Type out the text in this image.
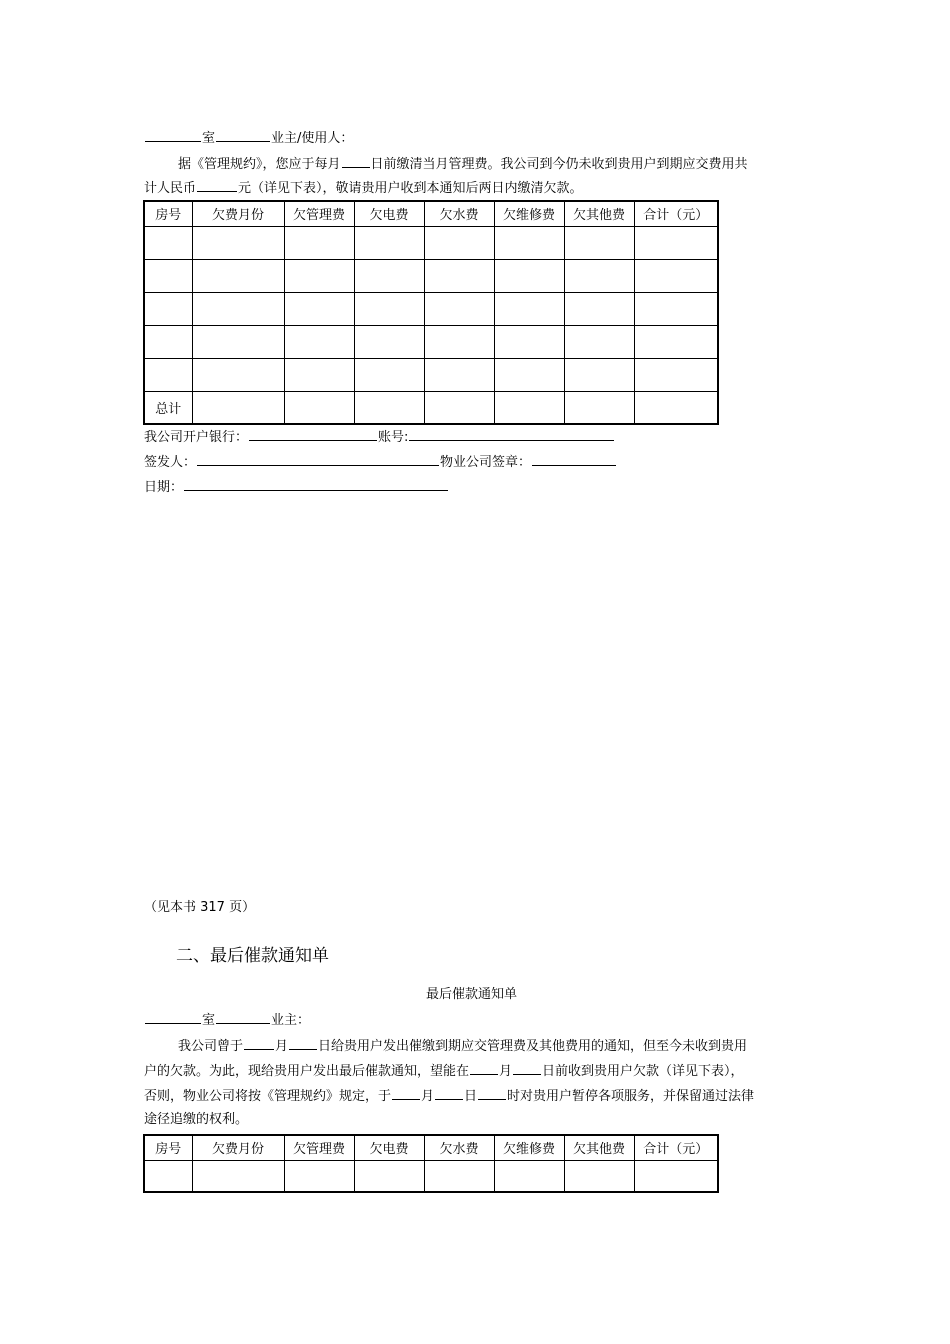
室	业主/使用人：
据《管理规约》，您应于每月 日前缴清当月管理费。我公司到今仍未收到贵用户到期应交费用共
计人民币	元（详见下表），敬请贵用户收到本通知后两日内缴清欠款。
房号	欠费月份	欠管理费	欠电费	欠水费	欠维修费	欠其他费	合计（元）

总计							
我公司开户银行：	账号:
签发人：	物业公司签章：
日期：
（见本书 317 页）
二、最后催款通知单
最后催款通知单
室	业主：
我公司曾于 月 日给贵用户发出催缴到期应交管理费及其他费用的通知，但至今未收到贵用
户的欠款。为此，现给贵用户发出最后催款通知，望能在 月 日前收到贵用户欠款（详见下表），
否则，物业公司将按《管理规约》规定，于 月 日 时对贵用户暂停各项服务，并保留通过法律
途径追缴的权利。
房号	欠费月份	欠管理费	欠电费	欠水费	欠维修费	欠其他费	合计（元）
